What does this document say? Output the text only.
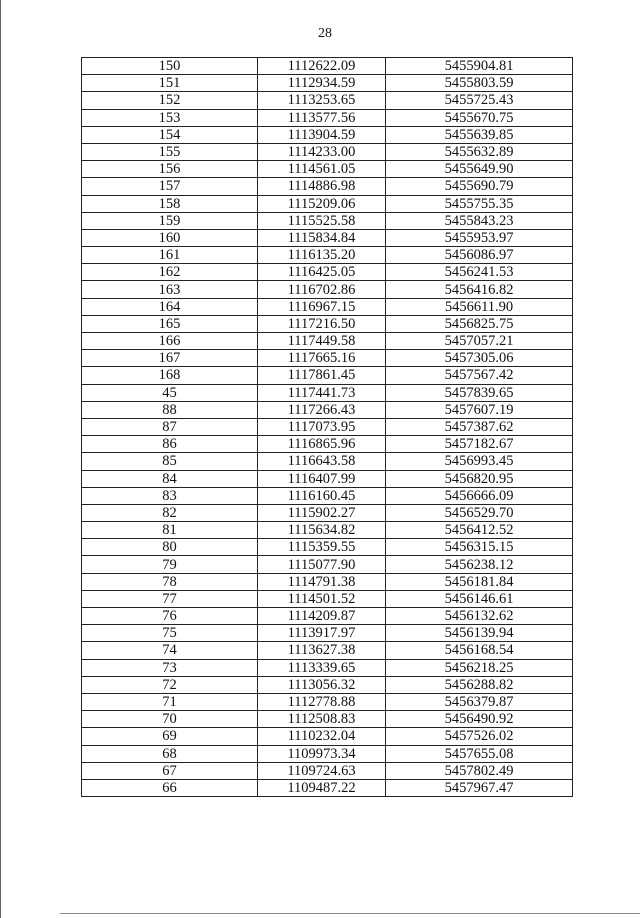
28
150	1112622.09	5455904.81
151	1112934.59	5455803.59
152	1113253.65	5455725.43
153	1113577.56	5455670.75
154	1113904.59	5455639.85
155	1114233.00	5455632.89
156	1114561.05	5455649.90
157	1114886.98	5455690.79
158	1115209.06	5455755.35
159	1115525.58	5455843.23
160	1115834.84	5455953.97
161	1116135.20	5456086.97
162	1116425.05	5456241.53
163	1116702.86	5456416.82
164	1116967.15	5456611.90
165	1117216.50	5456825.75
166	1117449.58	5457057.21
167	1117665.16	5457305.06
168	1117861.45	5457567.42
45	1117441.73	5457839.65
88	1117266.43	5457607.19
87	1117073.95	5457387.62
86	1116865.96	5457182.67
85	1116643.58	5456993.45
84	1116407.99	5456820.95
83	1116160.45	5456666.09
82	1115902.27	5456529.70
81	1115634.82	5456412.52
80	1115359.55	5456315.15
79	1115077.90	5456238.12
78	1114791.38	5456181.84
77	1114501.52	5456146.61
76	1114209.87	5456132.62
75	1113917.97	5456139.94
74	1113627.38	5456168.54
73	1113339.65	5456218.25
72	1113056.32	5456288.82
71	1112778.88	5456379.87
70	1112508.83	5456490.92
69	1110232.04	5457526.02
68	1109973.34	5457655.08
67	1109724.63	5457802.49
66	1109487.22	5457967.47
